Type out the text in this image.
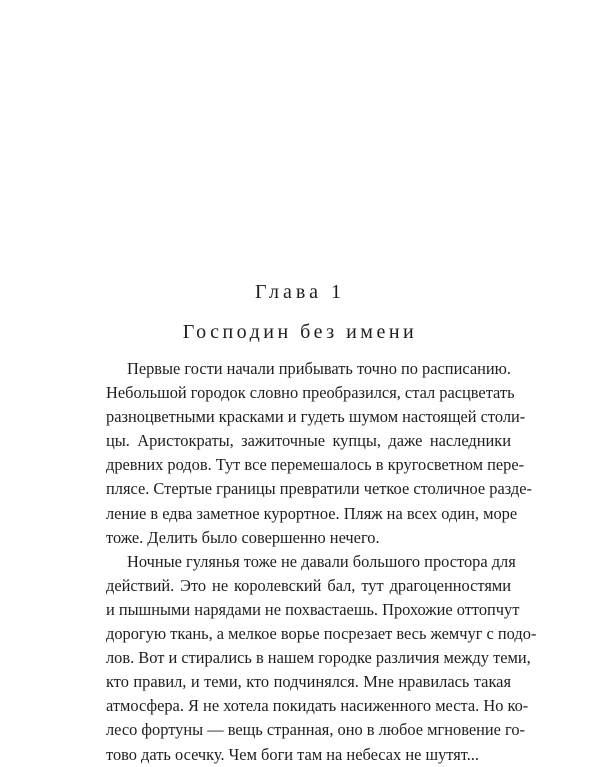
Глава 1
Господин без имени
Первые гости начали прибывать точно по расписанию.
Небольшой городок словно преобразился, стал расцветать
разноцветными красками и гудеть шумом настоящей столи-
цы. Аристократы, зажиточные купцы, даже наследники
древних родов. Тут все перемешалось в кругосветном пере-
плясе. Стертые границы превратили четкое столичное разде-
ление в едва заметное курортное. Пляж на всех один, море
тоже. Делить было совершенно нечего.
Ночные гулянья тоже не давали большого простора для
действий. Это не королевский бал, тут драгоценностями
и пышными нарядами не похвастаешь. Прохожие оттопчут
дорогую ткань, а мелкое ворье посрезает весь жемчуг с подо-
лов. Вот и стирались в нашем городке различия между теми,
кто правил, и теми, кто подчинялся. Мне нравилась такая
атмосфера. Я не хотела покидать насиженного места. Но ко-
лесо фортуны — вещь странная, оно в любое мгновение го-
тово дать осечку. Чем боги там на небесах не шутят...
